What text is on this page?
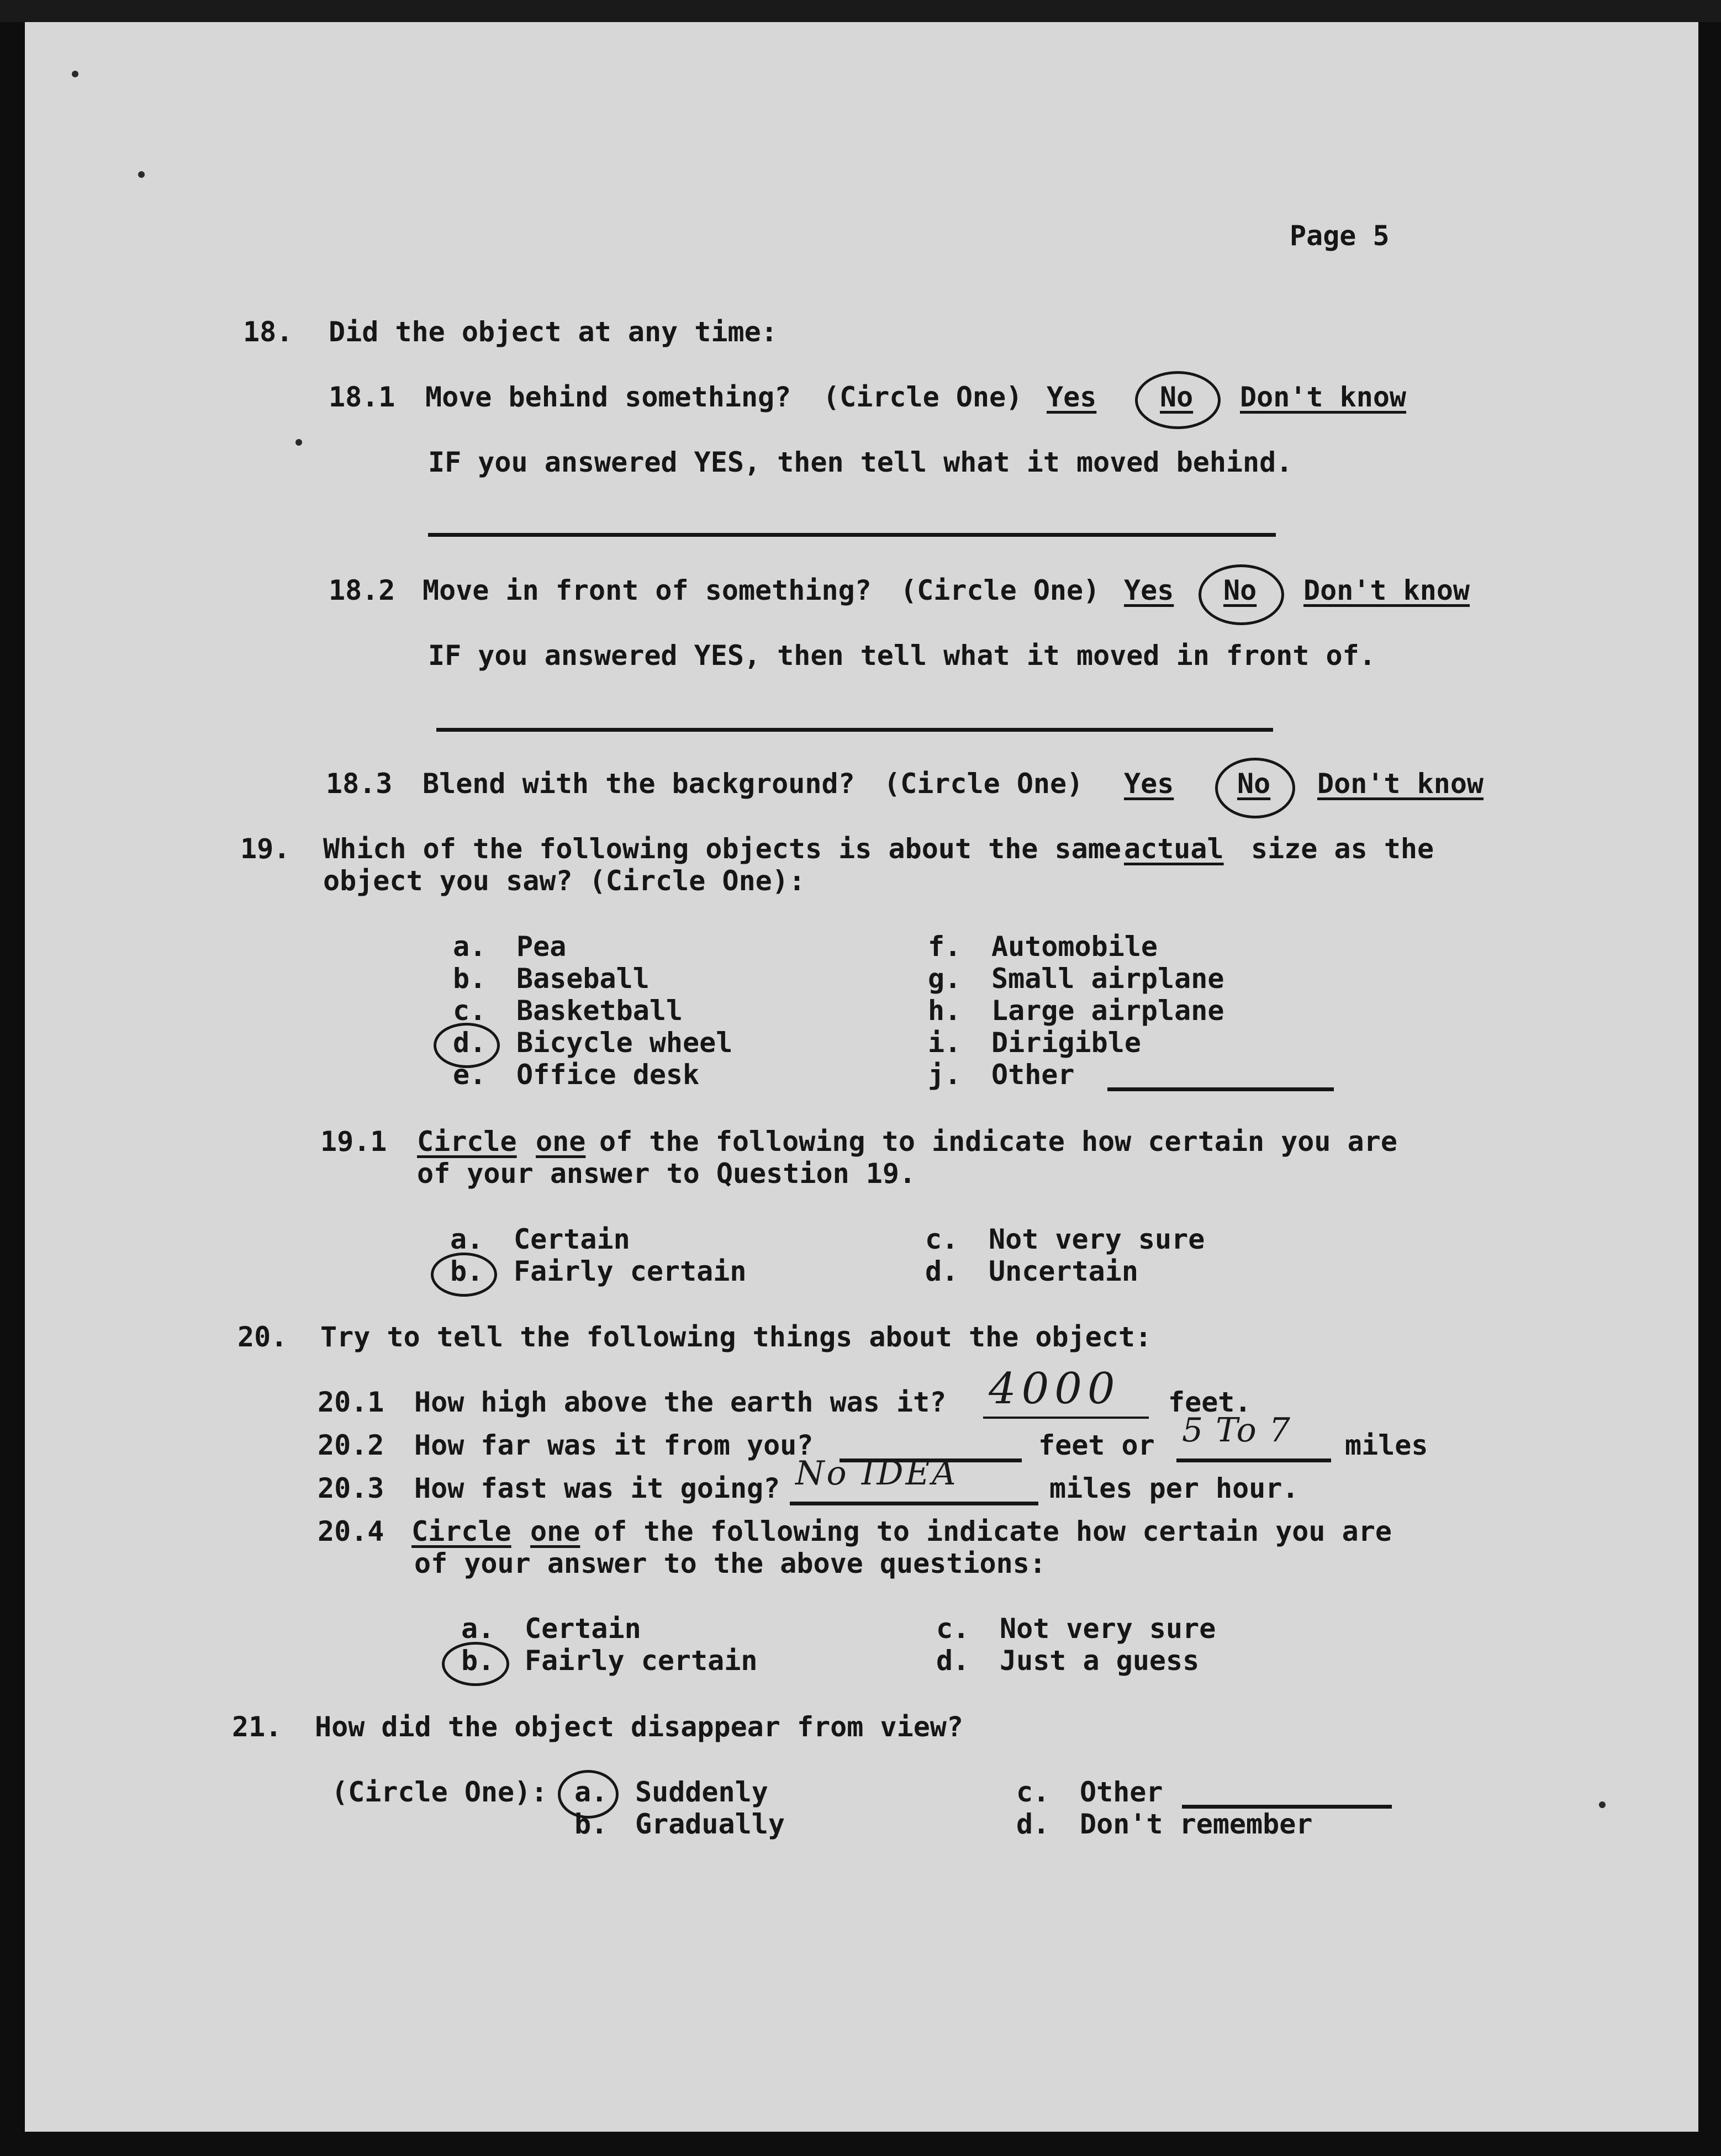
Page 5
18. Did the object at any time:
18.1 Move behind something? (Circle One) Yes No Don't know
IF you answered YES, then tell what it moved behind.
18.2 Move in front of something? (Circle One) Yes No Don't know
IF you answered YES, then tell what it moved in front of.
18.3 Blend with the background? (Circle One) Yes No Don't know
19. Which of the following objects is about the same actual size as the
object you saw? (Circle One):
a. Pea
b. Baseball
c. Basketball
d. Bicycle wheel
e. Office desk
f. Automobile
g. Small airplane
h. Large airplane
i. Dirigible
j. Other
19.1 Circle one of the following to indicate how certain you are
of your answer to Question 19.
a. Certain
b. Fairly certain
c. Not very sure
d. Uncertain
20. Try to tell the following things about the object:
20.1 How high above the earth was it? 4000 feet.
20.2 How far was it from you?	feet or 5 To 7 miles
20.3 How fast was it going? No IDEA	miles per hour.
20.4 Circle one of the following to indicate how certain you are
of your answer to the above questions:
a. Certain
b. Fairly certain
c. Not very sure
d. Just a guess
21. How did the object disappear from view?
(Circle One): a. Suddenly
b. Gradually
c. Other
d. Don't remember
